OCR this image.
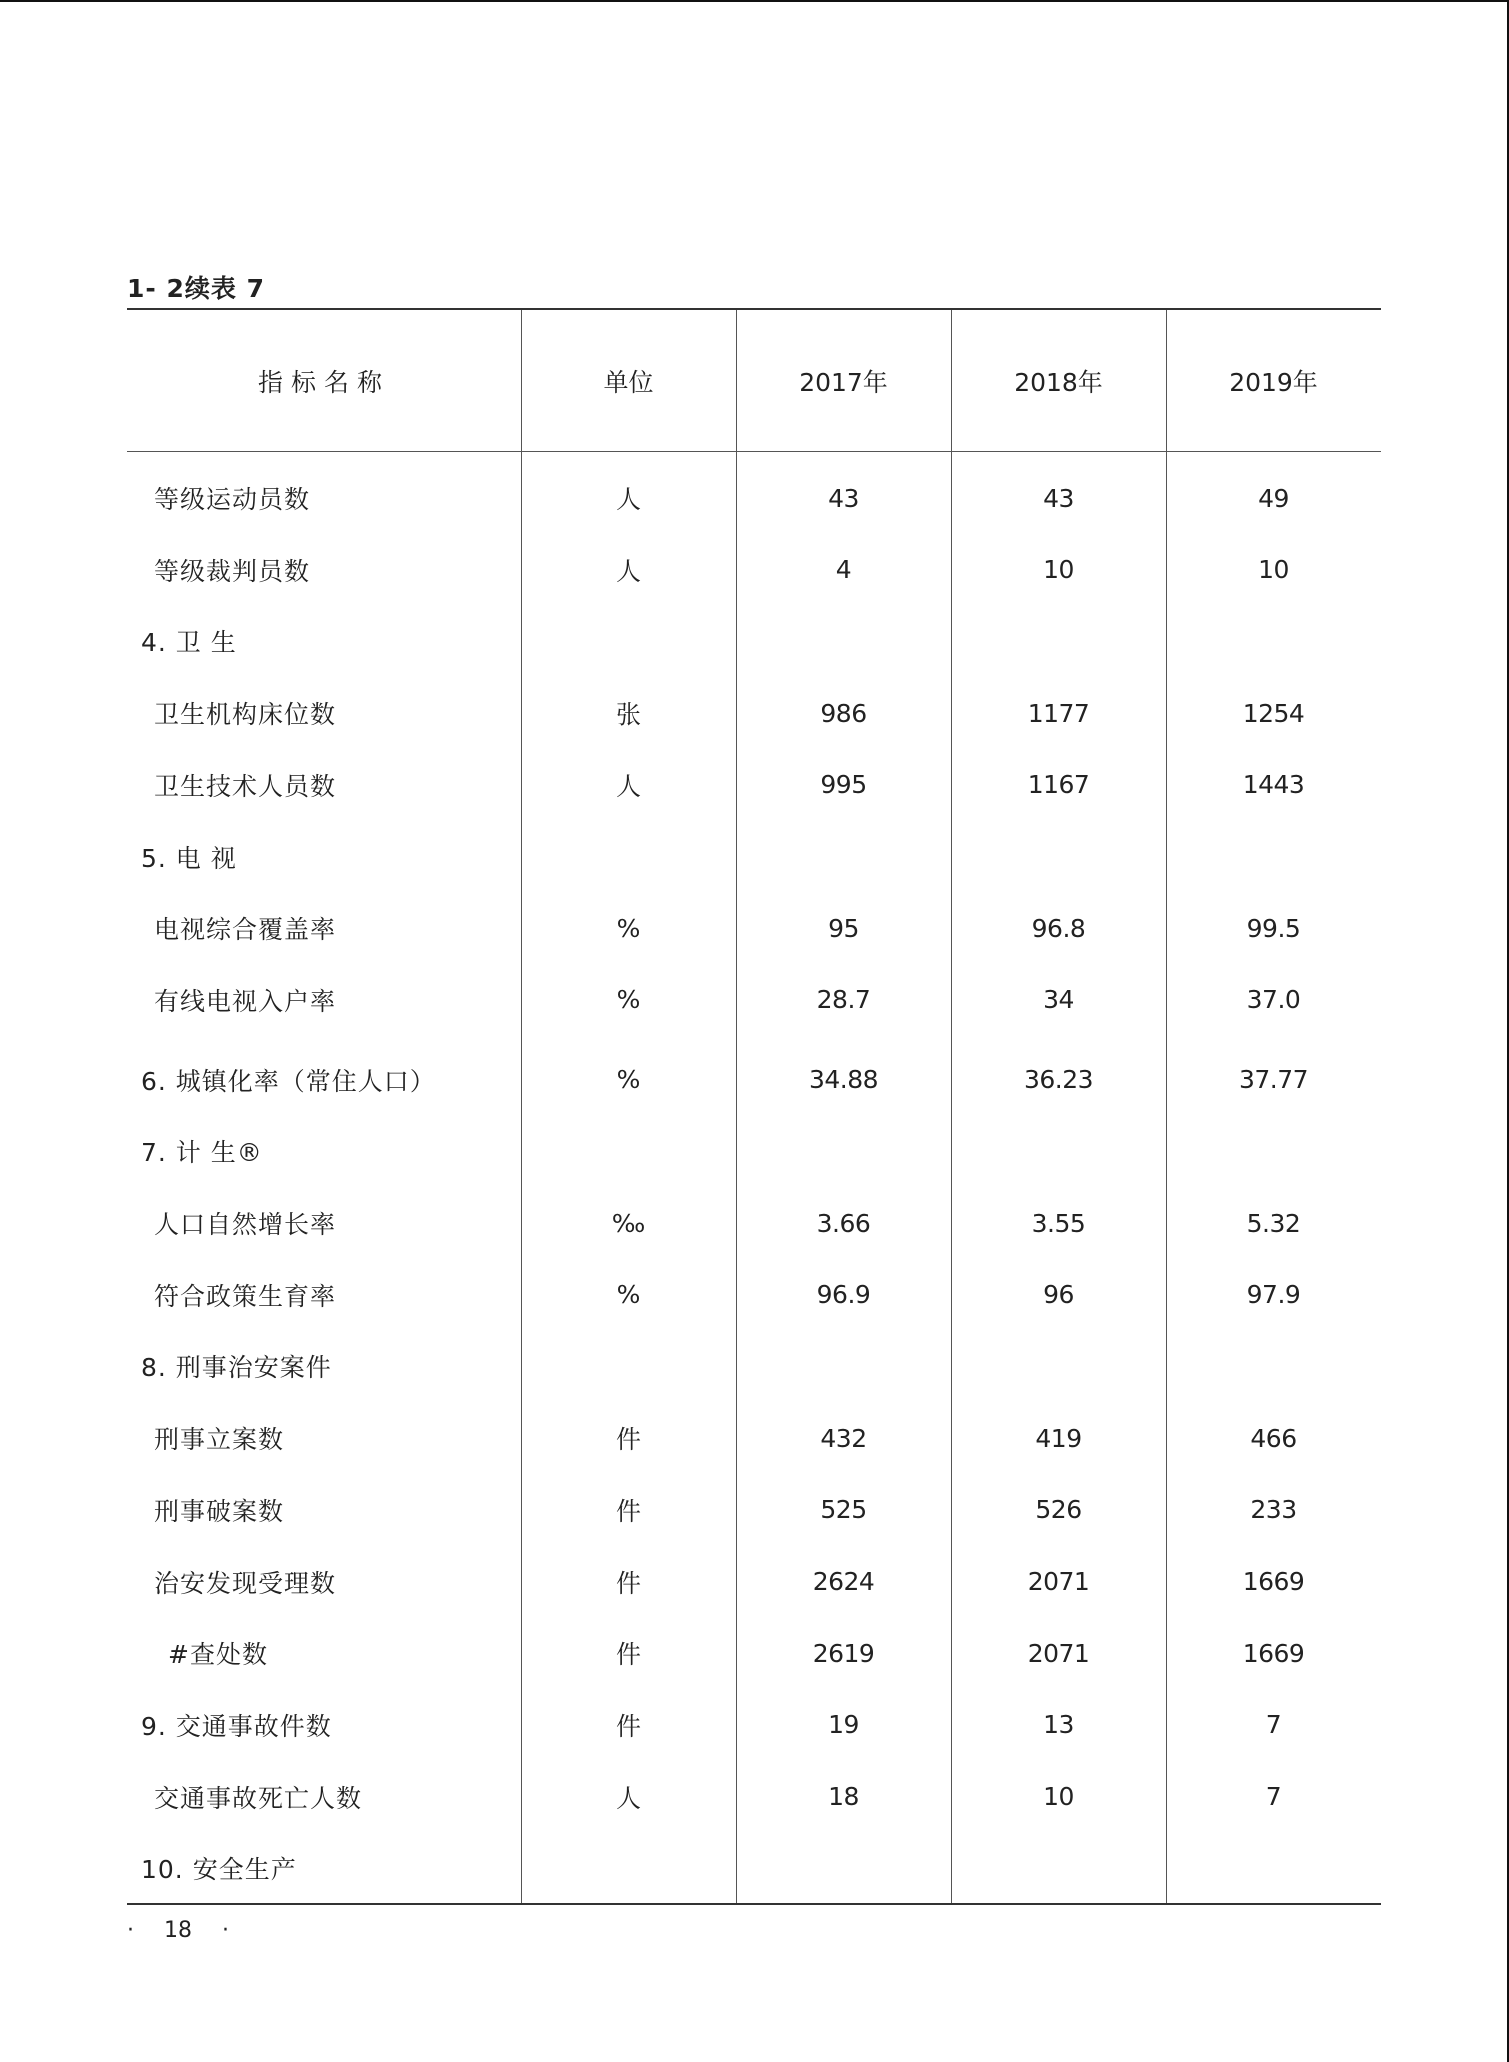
1- 2续表 7
指标名称	单位	2017年	2018年	2019年
等级运动员数	人	43	43	49
等级裁判员数	人	4	10	10
4. 卫 生
卫生机构床位数	张	986	1177	1254
卫生技术人员数	人	995	1167	1443
5. 电 视
电视综合覆盖率	%	95	96.8	99.5
有线电视入户率	%	28.7	34	37.0
6. 城镇化率（常住人口）	%	34.88	36.23	37.77
7. 计 生®
人口自然增长率	‰	3.66	3.55	5.32
符合政策生育率	%	96.9	96	97.9
8. 刑事治安案件
刑事立案数	件	432	419	466
刑事破案数	件	525	526	233
治安发现受理数	件	2624	2071	1669
#查处数	件	2619	2071	1669
9. 交通事故件数	件	19	13	7
交通事故死亡人数	人	18	10	7
10. 安全生产
· 18 ·
